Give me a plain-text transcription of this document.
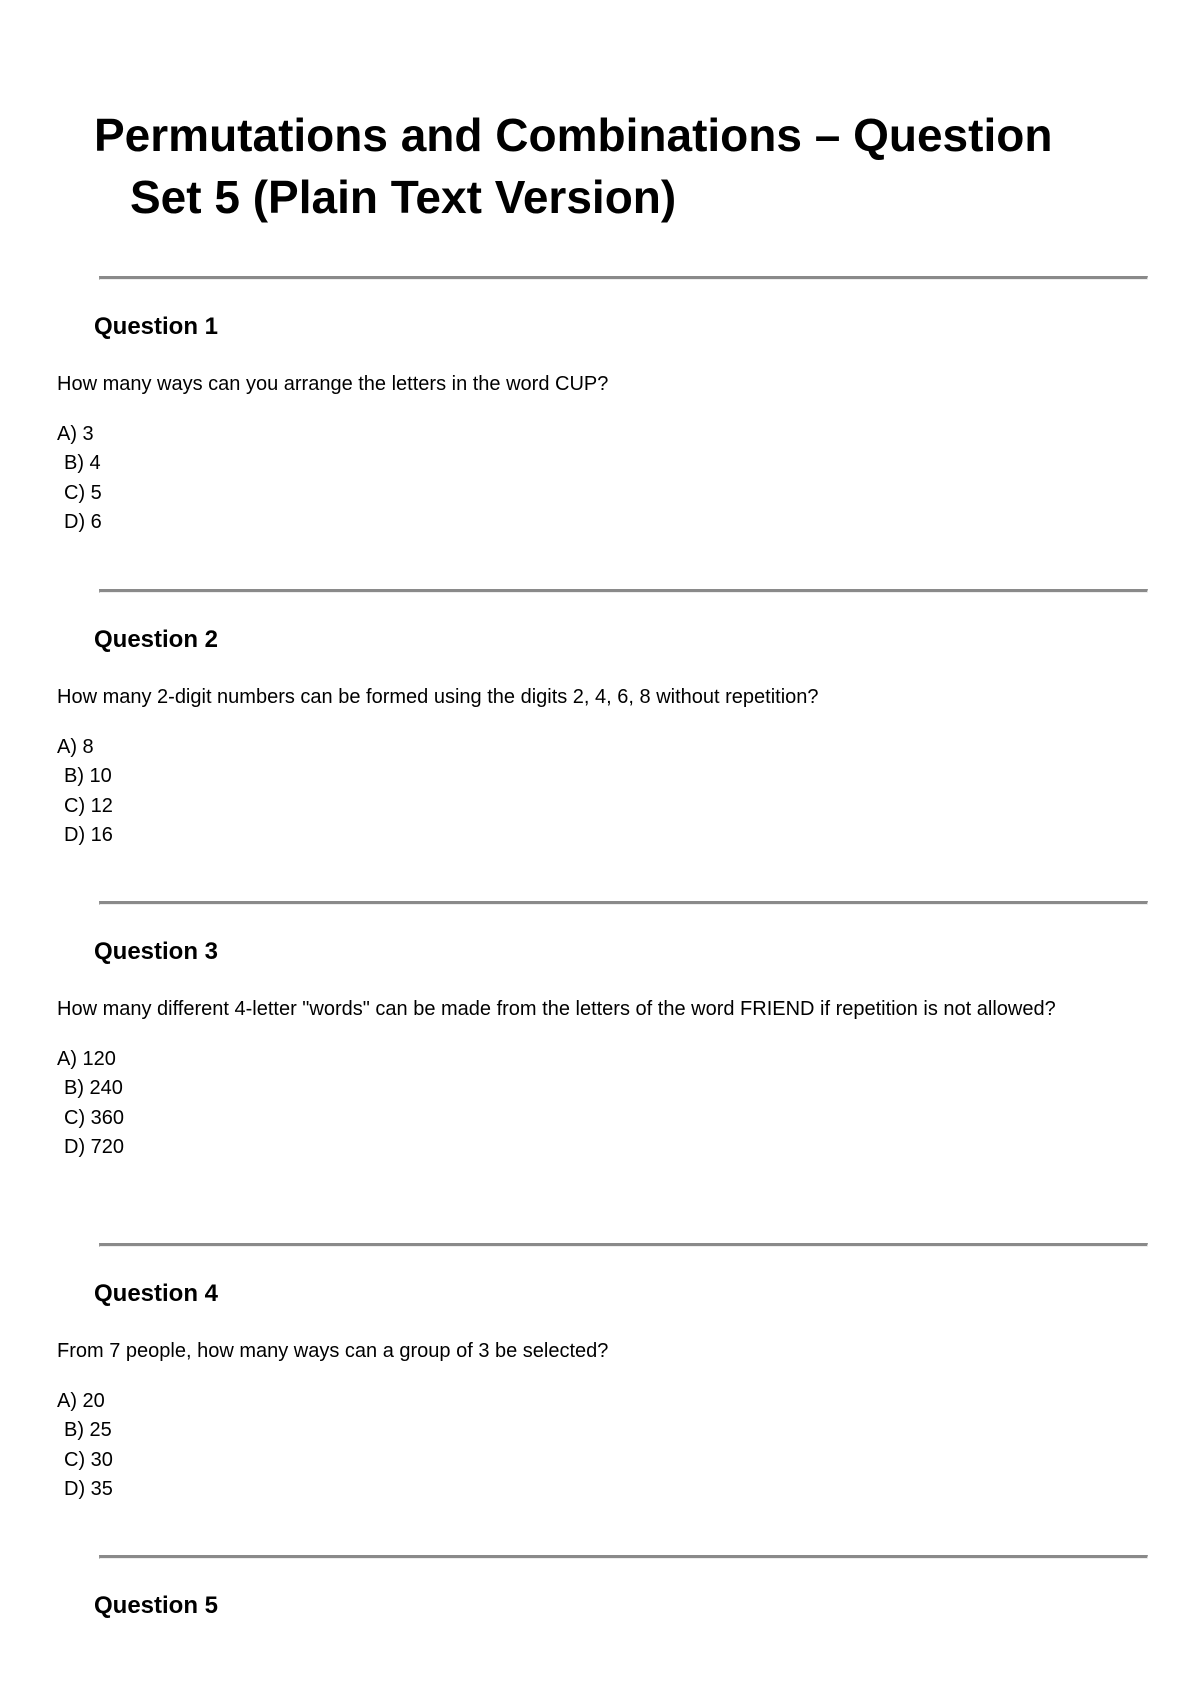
Permutations and Combinations – Question Set 5 (Plain Text Version)
Question 1

How many ways can you arrange the letters in the word CUP?

A) 3
B) 4
C) 5
D) 6
Question 2

How many 2-digit numbers can be formed using the digits 2, 4, 6, 8 without repetition?

A) 8
B) 10
C) 12
D) 16
Question 3

How many different 4-letter "words" can be made from the letters of the word FRIEND if repetition is not allowed?

A) 120
B) 240
C) 360
D) 720
Question 4

From 7 people, how many ways can a group of 3 be selected?

A) 20
B) 25
C) 30
D) 35
Question 5
